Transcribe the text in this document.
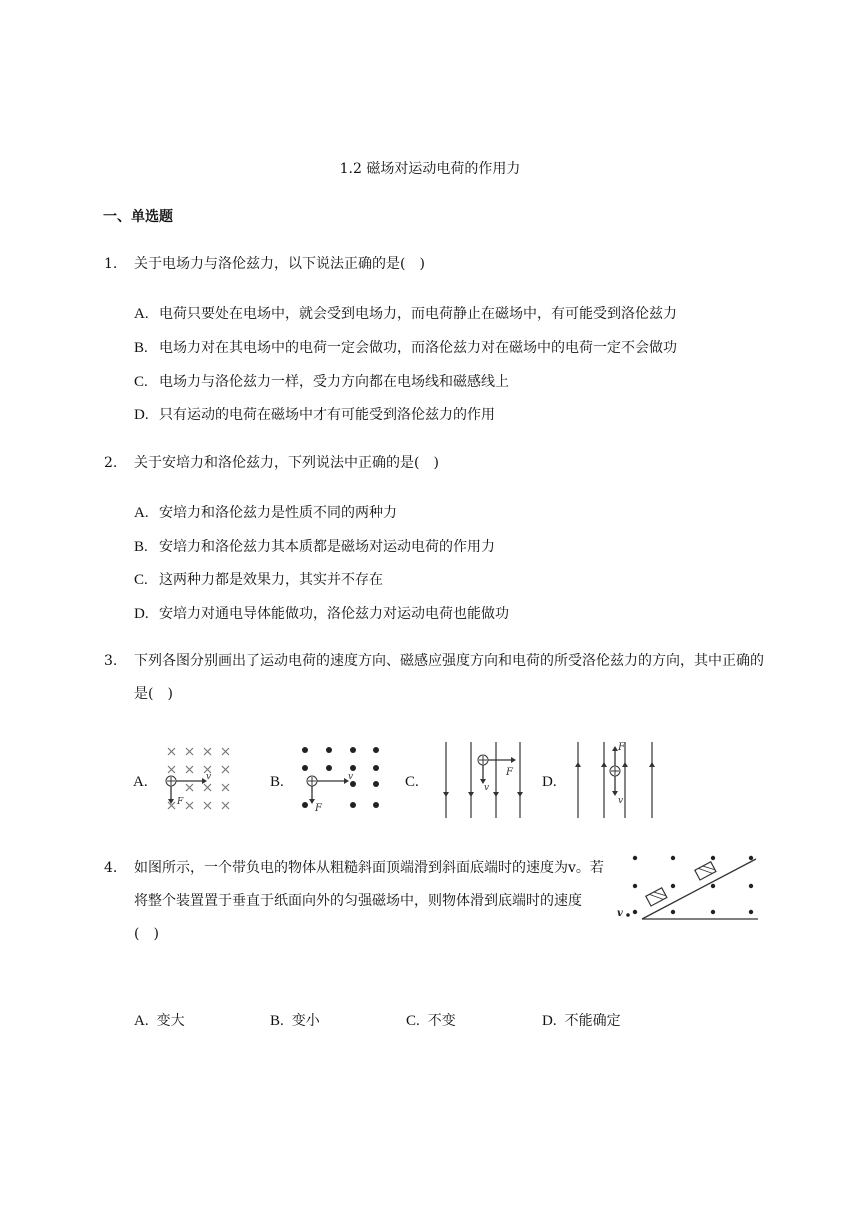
1.2 磁场对运动电荷的作用力
一、单选题
1. 关于电场力与洛伦兹力，以下说法正确的是(　)
A. 电荷只要处在电场中，就会受到电场力，而电荷静止在磁场中，有可能受到洛伦兹力
B. 电场力对在其电场中的电荷一定会做功，而洛伦兹力对在磁场中的电荷一定不会做功
C. 电场力与洛伦兹力一样，受力方向都在电场线和磁感线上
D. 只有运动的电荷在磁场中才有可能受到洛伦兹力的作用
2. 关于安培力和洛伦兹力，下列说法中正确的是(　)
A. 安培力和洛伦兹力是性质不同的两种力
B. 安培力和洛伦兹力其本质都是磁场对运动电荷的作用力
C. 这两种力都是效果力，其实并不存在
D. 安培力对通电导体能做功，洛伦兹力对运动电荷也能做功
3. 下列各图分别画出了运动电荷的速度方向、磁感应强度方向和电荷的所受洛伦兹力的方向，其中正确的是(　)
A.	v
F
B.	v
F
C.
F
v	D.
F
v
4. 如图所示，一个带负电的物体从粗糙斜面顶端滑到斜面底端时的速度为v。若将整个装置置于垂直于纸面向外的匀强磁场中，则物体滑到底端时的速度(　)
v
A. 变大	B. 变小	C. 不变	D. 不能确定
